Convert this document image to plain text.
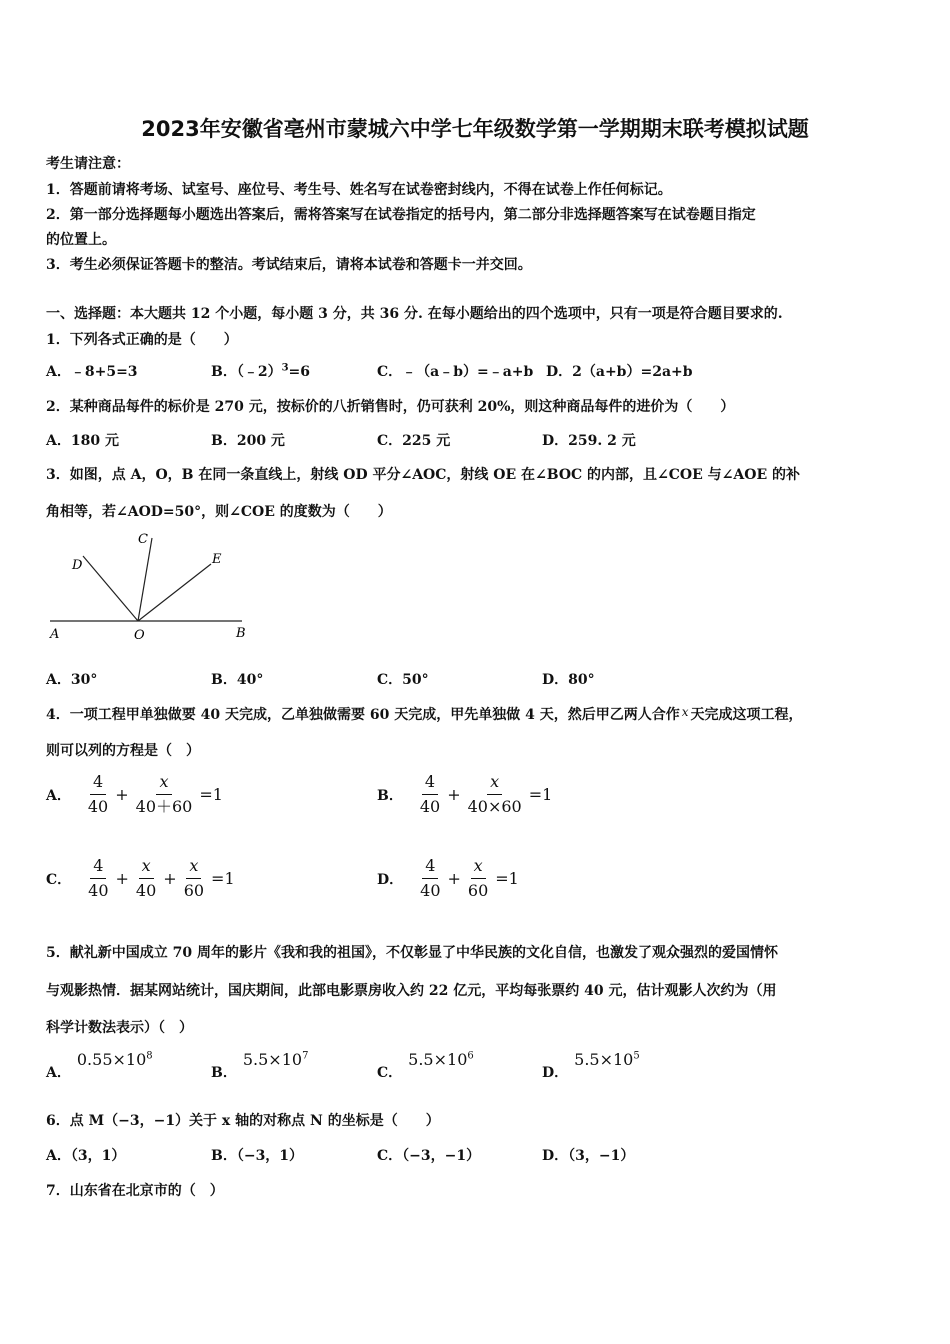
2023年安徽省亳州市蒙城六中学七年级数学第一学期期末联考模拟试题
考生请注意：
1．答题前请将考场、试室号、座位号、考生号、姓名写在试卷密封线内，不得在试卷上作任何标记。
2．第一部分选择题每小题选出答案后，需将答案写在试卷指定的括号内，第二部分非选择题答案写在试卷题目指定
的位置上。
3．考生必须保证答题卡的整洁。考试结束后，请将本试卷和答题卡一并交回。
一、选择题：本大题共 12 个小题，每小题 3 分，共 36 分. 在每小题给出的四个选项中，只有一项是符合题目要求的.
1．下列各式正确的是（　　）
A．﹣8+5=3	B．（﹣2）$^3$=6	C．﹣（a﹣b）=﹣a+b D．2（a+b）=2a+b
2．某种商品每件的标价是 270 元，按标价的八折销售时，仍可获利 20%，则这种商品每件的进价为（　　）
A．180 元	B．200 元	C．225 元	D．259. 2 元
3．如图，点 A，O，B 在同一条直线上，射线 OD 平分∠AOC，射线 OE 在∠BOC 的内部，且∠COE 与∠AOE 的补
角相等，若∠AOD=50°，则∠COE 的度数为（　　）
A	O	B
C
D	E
A．30°	B．40°	C．50°	D．80°
4．一项工程甲单独做要 40 天完成，乙单独做需要 60 天完成，甲先单独做 4 天，然后甲乙两人合作 x 天完成这项工程，
则可以列的方程是（　）
A． $\frac{4}{40} + \frac{x}{40+60} =1$	B． $\frac{4}{40} + \frac{x}{40\times 60} =1$
C． $\frac{4}{40} + \frac{x}{40} + \frac{x}{60} =1$	D． $\frac{4}{40} + \frac{x}{60} =1$
5．献礼新中国成立 70 周年的影片《我和我的祖国》，不仅彰显了中华民族的文化自信，也激发了观众强烈的爱国情怀
与观影热情．据某网站统计，国庆期间，此部电影票房收入约 22 亿元，平均每张票约 40 元，估计观影人次约为（用
科学计数法表示）（　）
A．$0.55\times 10^8$
B．$5.5\times 10^7$
C．$5.5\times 10^6$
D．$5.5\times 10^5$
6．点 M（−3，−1）关于 x 轴的对称点 N 的坐标是（　　）
A．（3，1）	B．（−3，1）	C．（−3，−1）	D．（3，−1）
7．山东省在北京市的（　）
